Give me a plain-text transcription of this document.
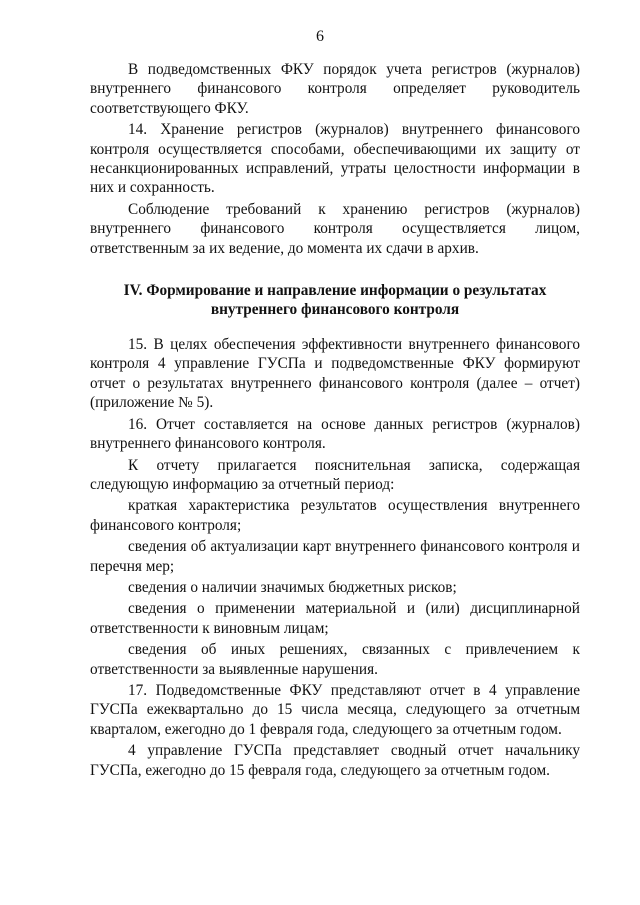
6

В подведомственных ФКУ порядок учета регистров (журналов) внутреннего финансового контроля определяет руководитель соответствующего ФКУ.

14. Хранение регистров (журналов) внутреннего финансового контроля осуществляется способами, обеспечивающими их защиту от несанкционированных исправлений, утраты целостности информации в них и сохранность.

Соблюдение требований к хранению регистров (журналов) внутреннего финансового контроля осуществляется лицом, ответственным за их ведение, до момента их сдачи в архив.

IV. Формирование и направление информации о результатах
внутреннего финансового контроля

15. В целях обеспечения эффективности внутреннего финансового контроля 4 управление ГУСПа и подведомственные ФКУ формируют отчет о результатах внутреннего финансового контроля (далее – отчет) (приложение № 5).

16. Отчет составляется на основе данных регистров (журналов) внутреннего финансового контроля.

К отчету прилагается пояснительная записка, содержащая следующую информацию за отчетный период:

краткая характеристика результатов осуществления внутреннего финансового контроля;

сведения об актуализации карт внутреннего финансового контроля и перечня мер;

сведения о наличии значимых бюджетных рисков;

сведения о применении материальной и (или) дисциплинарной ответственности к виновным лицам;

сведения об иных решениях, связанных с привлечением к ответственности за выявленные нарушения.

17. Подведомственные ФКУ представляют отчет в 4 управление ГУСПа ежеквартально до 15 числа месяца, следующего за отчетным кварталом, ежегодно до 1 февраля года, следующего за отчетным годом.

4 управление ГУСПа представляет сводный отчет начальнику ГУСПа, ежегодно до 15 февраля года, следующего за отчетным годом.
